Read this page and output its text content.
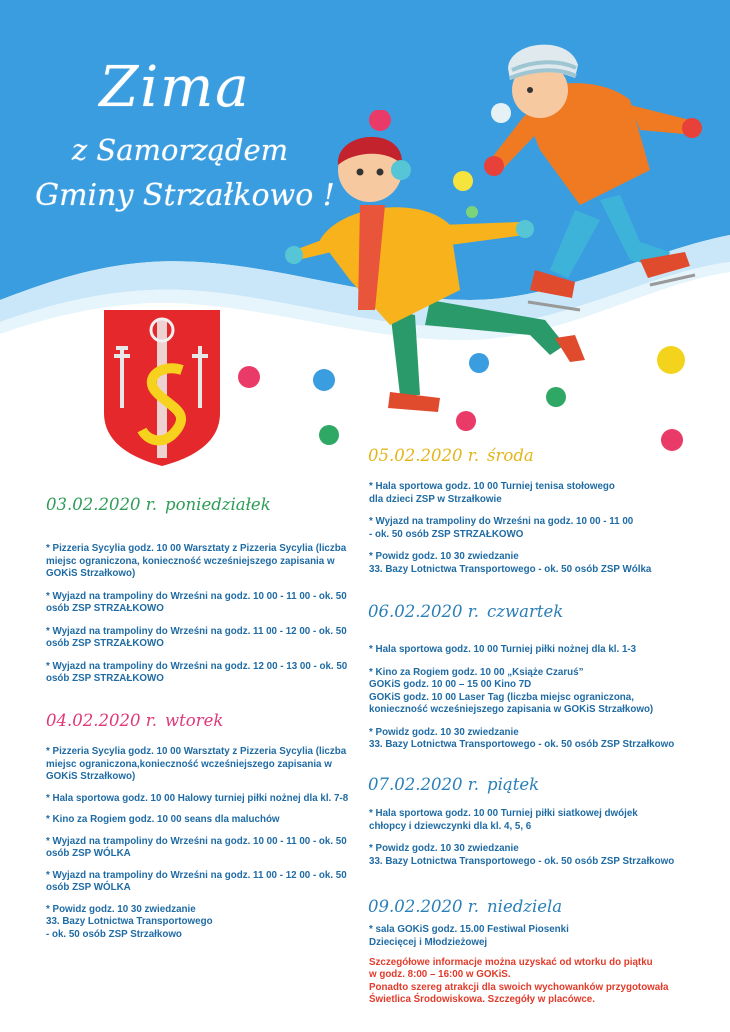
Zima
z Samorządem
Gminy Strzałkowo !
03.02.2020 r. poniedziałek
04.02.2020 r. wtorek
05.02.2020 r. środa
06.02.2020 r. czwartek
07.02.2020 r. piątek
09.02.2020 r. niedziela

* Pizzeria Sycylia godz. 10 00 Warsztaty z Pizzeria Sycylia (liczba miejsc ograniczona, konieczność wcześniejszego zapisania w GOKiS Strzałkowo)

* Wyjazd na trampoliny do Wrześni na godz. 10 00 - 11 00 - ok. 50 osób ZSP STRZAŁKOWO

* Wyjazd na trampoliny do Wrześni na godz. 11 00 - 12 00 - ok. 50 osób ZSP STRZAŁKOWO

* Wyjazd na trampoliny do Wrześni na godz. 12 00 - 13 00 - ok. 50 osób ZSP STRZAŁKOWO

* Pizzeria Sycylia godz. 10 00 Warsztaty z Pizzeria Sycylia (liczba miejsc ograniczona,konieczność wcześniejszego zapisania w GOKiS Strzałkowo)

* Hala sportowa godz. 10 00 Halowy turniej piłki nożnej dla kl. 7-8

* Kino za Rogiem godz. 10 00 seans dla maluchów

* Wyjazd na trampoliny do Wrześni na godz. 10 00 - 11 00 - ok. 50 osób ZSP WÓLKA

* Wyjazd na trampoliny do Wrześni na godz. 11 00 - 12 00 - ok. 50 osób ZSP WÓLKA

* Powidz godz. 10 30 zwiedzanie
33. Bazy Lotnictwa Transportowego
- ok. 50 osób ZSP Strzałkowo

* Hala sportowa godz. 10 00 Turniej tenisa stołowego
dla dzieci ZSP w Strzałkowie

* Wyjazd na trampoliny do Wrześni na godz. 10 00 - 11 00
- ok. 50 osób ZSP STRZAŁKOWO

* Powidz godz. 10 30 zwiedzanie
33. Bazy Lotnictwa Transportowego - ok. 50 osób ZSP Wólka

* Hala sportowa godz. 10 00 Turniej piłki nożnej dla kl. 1-3

* Kino za Rogiem godz. 10 00 „Książe Czaruś”
GOKiS godz. 10 00 – 15 00 Kino 7D
GOKiS godz. 10 00 Laser Tag (liczba miejsc ograniczona,
konieczność wcześniejszego zapisania w GOKiS Strzałkowo)

* Powidz godz. 10 30 zwiedzanie
33. Bazy Lotnictwa Transportowego - ok. 50 osób ZSP Strzałkowo

* Hala sportowa godz. 10 00 Turniej piłki siatkowej dwójek
chłopcy i dziewczynki dla kl. 4, 5, 6

* Powidz godz. 10 30 zwiedzanie
33. Bazy Lotnictwa Transportowego - ok. 50 osób ZSP Strzałkowo

* sala GOKiS godz. 15.00 Festiwal Piosenki
Dziecięcej i Młodzieżowej

Szczegółowe informacje można uzyskać od wtorku do piątku

w godz. 8:00 – 16:00 w GOKiS.

Ponadto szereg atrakcji dla swoich wychowanków przygotowała

Świetlica Środowiskowa. Szczegóły w placówce.
